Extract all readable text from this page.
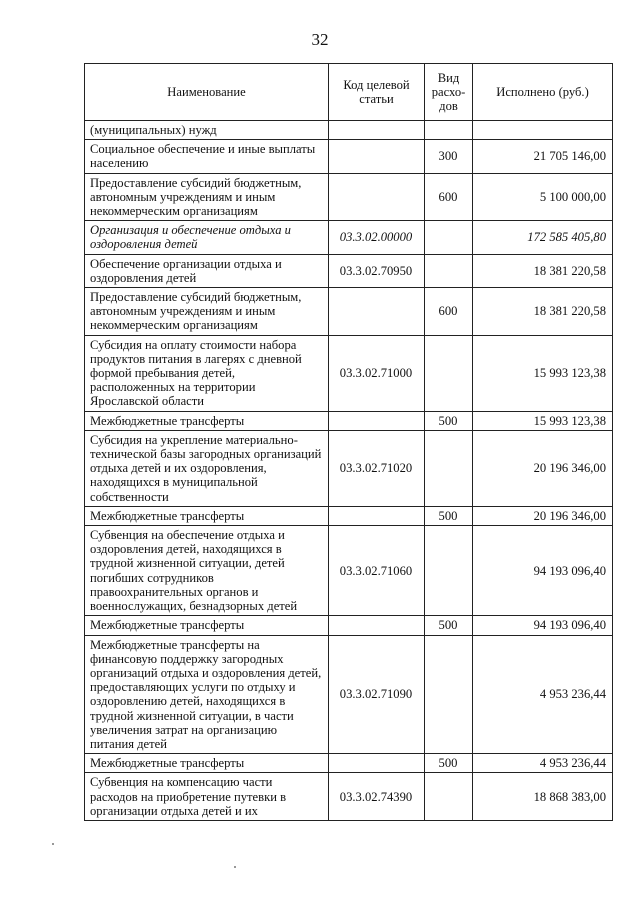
32
Наименование	Код целевой статьи	Вид расхо-дов	Исполнено (руб.)
(муниципальных) нужд			
Социальное обеспечение и иные выплаты населению		300	21 705 146,00
Предоставление субсидий бюджетным, автономным учреждениям и иным некоммерческим организациям		600	5 100 000,00
Организация и обеспечение отдыха и оздоровления детей	03.3.02.00000		172 585 405,80
Обеспечение организации отдыха и оздоровления детей	03.3.02.70950		18 381 220,58
Предоставление субсидий бюджетным, автономным учреждениям и иным некоммерческим организациям		600	18 381 220,58
Субсидия на оплату стоимости набора продуктов питания в лагерях с дневной формой пребывания детей, расположенных на территории Ярославской области	03.3.02.71000		15 993 123,38
Межбюджетные трансферты		500	15 993 123,38
Субсидия на укрепление материально-технической базы загородных организаций отдыха детей и их оздоровления, находящихся в муниципальной собственности	03.3.02.71020		20 196 346,00
Межбюджетные трансферты		500	20 196 346,00
Субвенция на обеспечение отдыха и оздоровления детей, находящихся в трудной жизненной ситуации, детей погибших сотрудников правоохранительных органов и военнослужащих, безнадзорных детей	03.3.02.71060		94 193 096,40
Межбюджетные трансферты		500	94 193 096,40
Межбюджетные трансферты на финансовую поддержку загородных организаций отдыха и оздоровления детей, предоставляющих услуги по отдыху и оздоровлению детей, находящихся в трудной жизненной ситуации, в части увеличения затрат на организацию питания детей	03.3.02.71090		4 953 236,44
Межбюджетные трансферты		500	4 953 236,44
Субвенция на компенсацию части расходов на приобретение путевки в организации отдыха детей и их	03.3.02.74390		18 868 383,00
